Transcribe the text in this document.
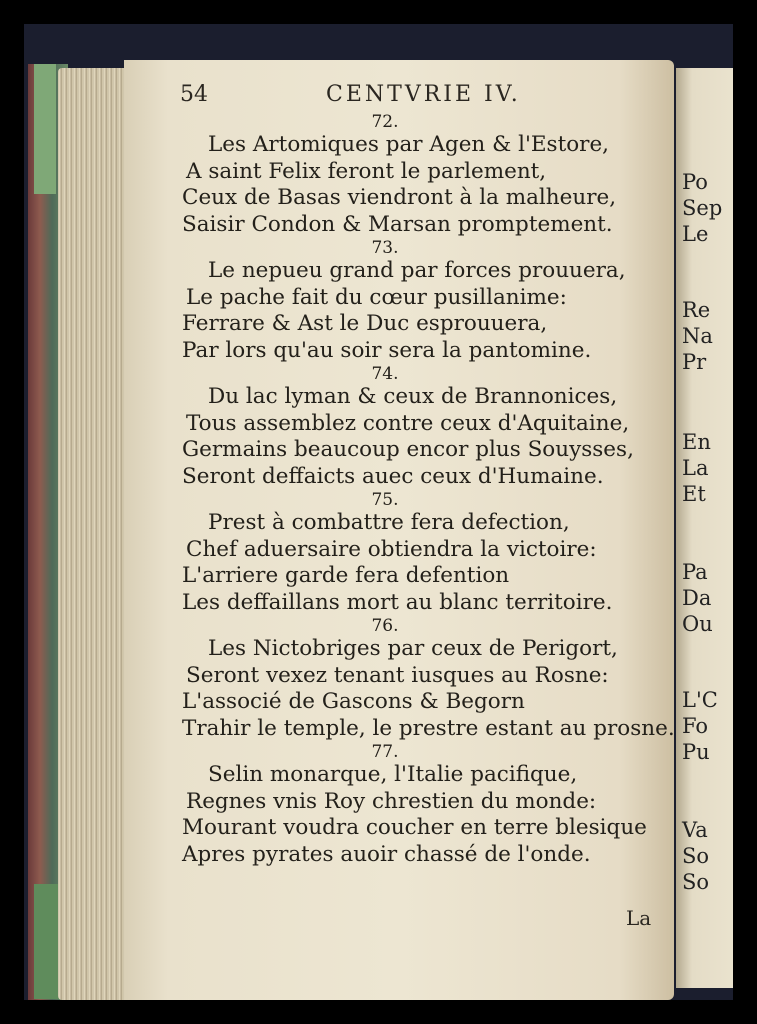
54	CENTVRIE IV.
72.
Les Artomiques par Agen & l'Estore,
A saint Felix feront le parlement,
Ceux de Basas viendront à la malheure,
Saisir Condon & Marsan promptement.
73.
Le nepueu grand par forces prouuera,
Le pache fait du cœur pusillanime:
Ferrare & Ast le Duc esprouuera,
Par lors qu'au soir sera la pantomine.
74.
Du lac lyman & ceux de Brannonices,
Tous assemblez contre ceux d'Aquitaine,
Germains beaucoup encor plus Souysses,
Seront deffaicts auec ceux d'Humaine.
75.
Prest à combattre fera defection,
Chef aduersaire obtiendra la victoire:
L'arriere garde fera defention
Les deffaillans mort au blanc territoire.
76.
Les Nictobriges par ceux de Perigort,
Seront vexez tenant iusques au Rosne:
L'associé de Gascons & Begorn
Trahir le temple, le prestre estant au prosne.
77.
Selin monarque, l'Italie pacifique,
Regnes vnis Roy chrestien du monde:
Mourant voudra coucher en terre blesique
Apres pyrates auoir chassé de l'onde.
La
Po
Sep
Le
Re
Na
Pr
En
La
Et
Pa
Da
Ou
L'C
Fo
Pu
Va
So
So
